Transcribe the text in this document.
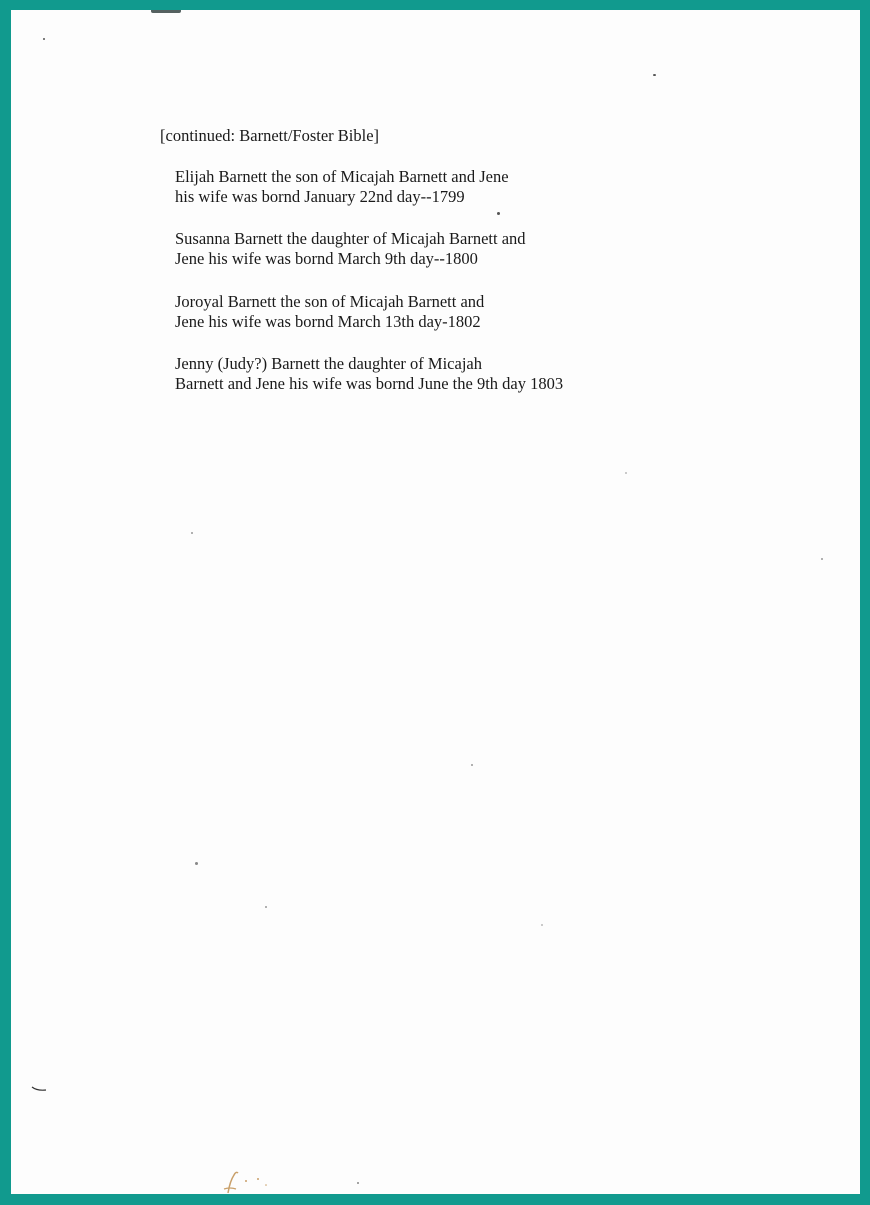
[continued: Barnett/Foster Bible]
Elijah Barnett the son of Micajah Barnett and Jene
his wife was bornd January 22nd day--1799
Susanna Barnett the daughter of Micajah Barnett and
Jene his wife was bornd March 9th day--1800
Joroyal Barnett the son of Micajah Barnett and
Jene his wife was bornd March 13th day-1802
Jenny (Judy?) Barnett the daughter of Micajah
Barnett and Jene his wife was bornd June the 9th day 1803
